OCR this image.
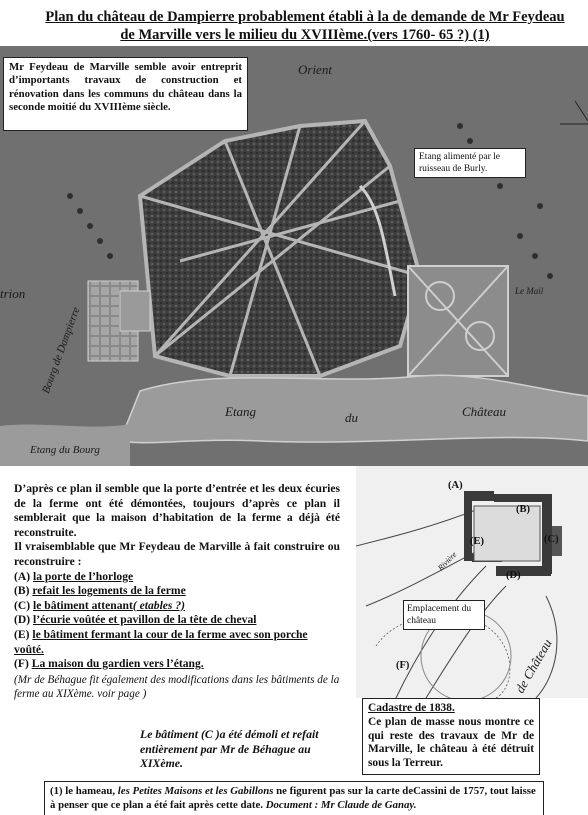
Plan du château de Dampierre probablement établi à la de demande de Mr Feydeau de Marville vers le milieu du XVIIIème.(vers 1760- 65 ?) (1)
Orient
trion
Bourg de Dampierre
Etang	du	Château
Etang du Bourg
Le Mail
Mr Feydeau de Marville semble avoir entreprit d’importants travaux de construction et rénovation dans les communs du château dans la seconde moitié du XVIIIème siècle.
Etang alimenté par le ruisseau de Burly.

D’après ce plan il semble que la porte d’entrée et les deux écuries de la ferme ont été démontées, toujours d’après ce plan il semblerait que la maison d’habitation de la ferme a déjà été reconstruite.

Il vraisemblable que Mr Feydeau de Marville à fait construire ou reconstruire :

(A) la porte de l’horloge
(B) refait les logements de la ferme
(C) le bâtiment attenant( etables ?)
(D) l’écurie voûtée et pavillon de la tête de cheval
(E) le bâtiment fermant la cour de la ferme avec son porche voûté.
(F) La maison du gardien vers l’étang.
(Mr de Béhague fit également des modifications dans les bâtiments de la ferme au XIXème. voir page )
Le bâtiment (C )a été démoli et refait entièrement par Mr de Béhague au XIXème.
(A)
(B)
(C)
(D)
(E)
(F)	de Château
Rivière
Emplacement du château
Cadastre de 1838.
Ce plan de masse nous montre ce qui reste des travaux de Mr de Marville, le château à été détruit sous la Terreur.
(1) le hameau, les Petites Maisons et les Gabillons ne figurent pas sur la carte deCassini de 1757, tout laisse à penser que ce plan a été fait après cette date. Document : Mr Claude de Ganay.
